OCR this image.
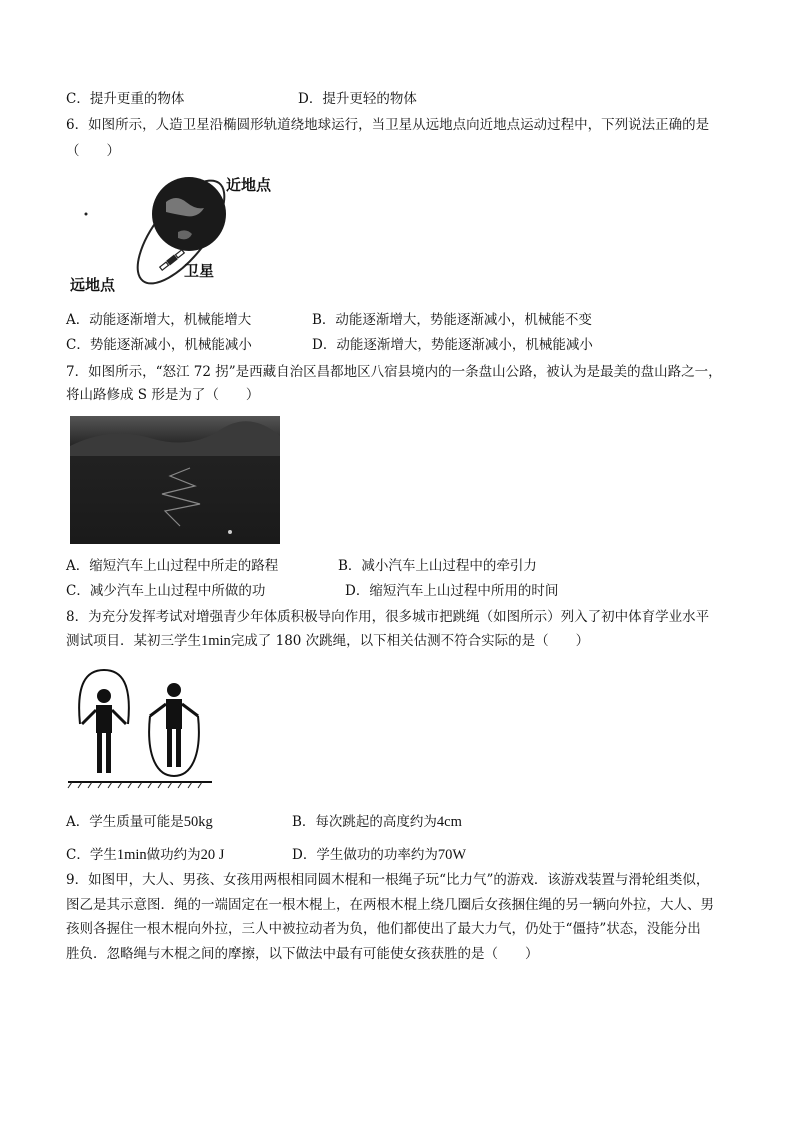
C．提升更重的物体	D．提升更轻的物体
6．如图所示，人造卫星沿椭圆形轨道绕地球运行，当卫星从远地点向近地点运动过程中，下列说法正确的是
（　　）
近地点
卫星
远地点
A．动能逐渐增大，机械能增大	B．动能逐渐增大，势能逐渐减小，机械能不变
C．势能逐渐减小，机械能减小	D．动能逐渐增大，势能逐渐减小，机械能减小
7．如图所示，“怒江 72 拐”是西藏自治区昌都地区八宿县境内的一条盘山公路，被认为是最美的盘山路之一，
将山路修成 S 形是为了（　　）
A．缩短汽车上山过程中所走的路程	B．减小汽车上山过程中的牵引力
C．减少汽车上山过程中所做的功	D．缩短汽车上山过程中所用的时间
8．为充分发挥考试对增强青少年体质积极导向作用，很多城市把跳绳（如图所示）列入了初中体育学业水平
测试项目．某初三学生1min完成了 180 次跳绳，以下相关估测不符合实际的是（　　）
A．学生质量可能是50kg	B．每次跳起的高度约为4cm
C．学生1min做功约为20 J	D．学生做功的功率约为70W
9．如图甲，大人、男孩、女孩用两根相同圆木棍和一根绳子玩“比力气”的游戏．该游戏装置与滑轮组类似，
图乙是其示意图．绳的一端固定在一根木棍上，在两根木棍上绕几圈后女孩捆住绳的另一辆向外拉，大人、男
孩则各握住一根木棍向外拉，三人中被拉动者为负，他们都使出了最大力气，仍处于“僵持”状态，没能分出
胜负．忽略绳与木棍之间的摩擦，以下做法中最有可能使女孩获胜的是（　　）
